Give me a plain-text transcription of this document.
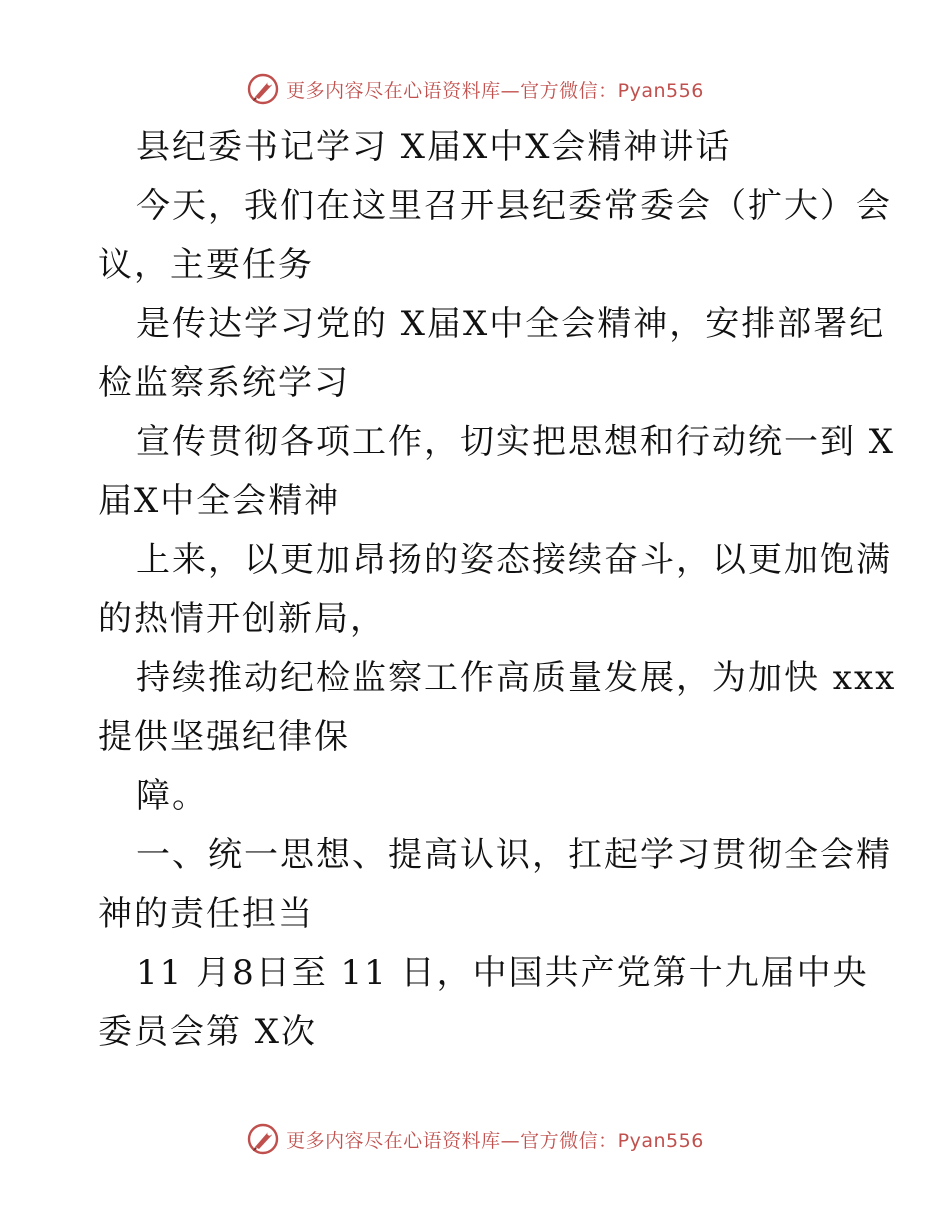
更多内容尽在心语资料库—官方微信：Pyan556
县纪委书记学习 X届X中X会精神讲话
今天，我们在这里召开县纪委常委会（扩大）会
议，主要任务
是传达学习党的 X届X中全会精神，安排部署纪
检监察系统学习
宣传贯彻各项工作，切实把思想和行动统一到 X
届X中全会精神
上来，以更加昂扬的姿态接续奋斗，以更加饱满
的热情开创新局，
持续推动纪检监察工作高质量发展，为加快 xxx
提供坚强纪律保
障。
一、统一思想、提高认识，扛起学习贯彻全会精
神的责任担当
11 月8日至 11 日，中国共产党第十九届中央
委员会第 X次
更多内容尽在心语资料库—官方微信：Pyan556
